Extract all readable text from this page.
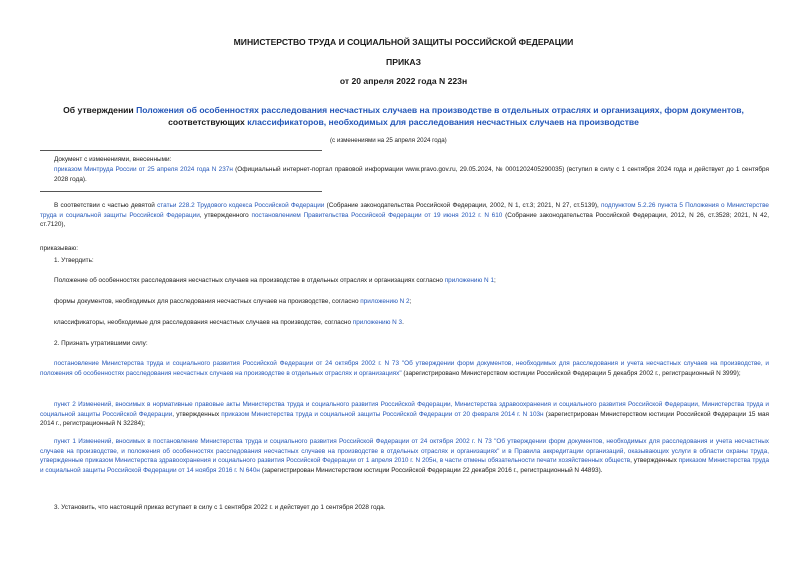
МИНИСТЕРСТВО ТРУДА И СОЦИАЛЬНОЙ ЗАЩИТЫ РОССИЙСКОЙ ФЕДЕРАЦИИ
ПРИКАЗ
от 20 апреля 2022 года N 223н
Об утверждении Положения об особенностях расследования несчастных случаев на производстве в отдельных отраслях и организациях, форм документов,
соответствующих классификаторов, необходимых для расследования несчастных случаев на производстве
(с изменениями на 25 апреля 2024 года)
Документ с изменениями, внесенными:
приказом Минтруда России от 25 апреля 2024 года N 237н (Официальный интернет-портал правовой информации www.pravo.gov.ru, 29.05.2024, № 0001202405290035) (вступил в силу с 1 сентября 2024 года и действует до 1 сентября 2028 года).
В соответствии с частью девятой статьи 228.2 Трудового кодекса Российской Федерации (Собрание законодательства Российской Федерации, 2002, N 1, ст.3; 2021, N 27, ст.5139), подпунктом 5.2.26 пункта 5 Положения о Министерстве труда и социальной защиты Российской Федерации, утвержденного постановлением Правительства Российской Федерации от 19 июня 2012 г. N 610 (Собрание законодательства Российской Федерации, 2012, N 26, ст.3528; 2021, N 42, ст.7120),
приказываю:
1. Утвердить:
Положение об особенностях расследования несчастных случаев на производстве в отдельных отраслях и организациях согласно приложению N 1;
формы документов, необходимых для расследования несчастных случаев на производстве, согласно приложению N 2;
классификаторы, необходимые для расследования несчастных случаев на производстве, согласно приложению N 3.
2. Признать утратившими силу:
постановление Министерства труда и социального развития Российской Федерации от 24 октября 2002 г. N 73 "Об утверждении форм документов, необходимых для расследования и учета несчастных случаев на производстве, и положения об особенностях расследования несчастных случаев на производстве в отдельных отраслях и организациях" (зарегистрировано Министерством юстиции Российской Федерации 5 декабря 2002 г., регистрационный N 3999);
пункт 2 Изменений, вносимых в нормативные правовые акты Министерства труда и социального развития Российской Федерации, Министерства здравоохранения и социального развития Российской Федерации, Министерства труда и социальной защиты Российской Федерации, утвержденных приказом Министерства труда и социальной защиты Российской Федерации от 20 февраля 2014 г. N 103н (зарегистрирован Министерством юстиции Российской Федерации 15 мая 2014 г., регистрационный N 32284);
пункт 1 Изменений, вносимых в постановление Министерства труда и социального развития Российской Федерации от 24 октября 2002 г. N 73 "Об утверждении форм документов, необходимых для расследования и учета несчастных случаев на производстве, и положения об особенностях расследования несчастных случаев на производстве в отдельных отраслях и организациях" и в Правила аккредитации организаций, оказывающих услуги в области охраны труда, утвержденные приказом Министерства здравоохранения и социального развития Российской Федерации от 1 апреля 2010 г. N 205н, в части отмены обязательности печати хозяйственных обществ, утвержденных приказом Министерства труда и социальной защиты Российской Федерации от 14 ноября 2016 г. N 640н (зарегистрирован Министерством юстиции Российской Федерации 22 декабря 2016 г., регистрационный N 44893).
3. Установить, что настоящий приказ вступает в силу с 1 сентября 2022 г. и действует до 1 сентября 2028 года.
